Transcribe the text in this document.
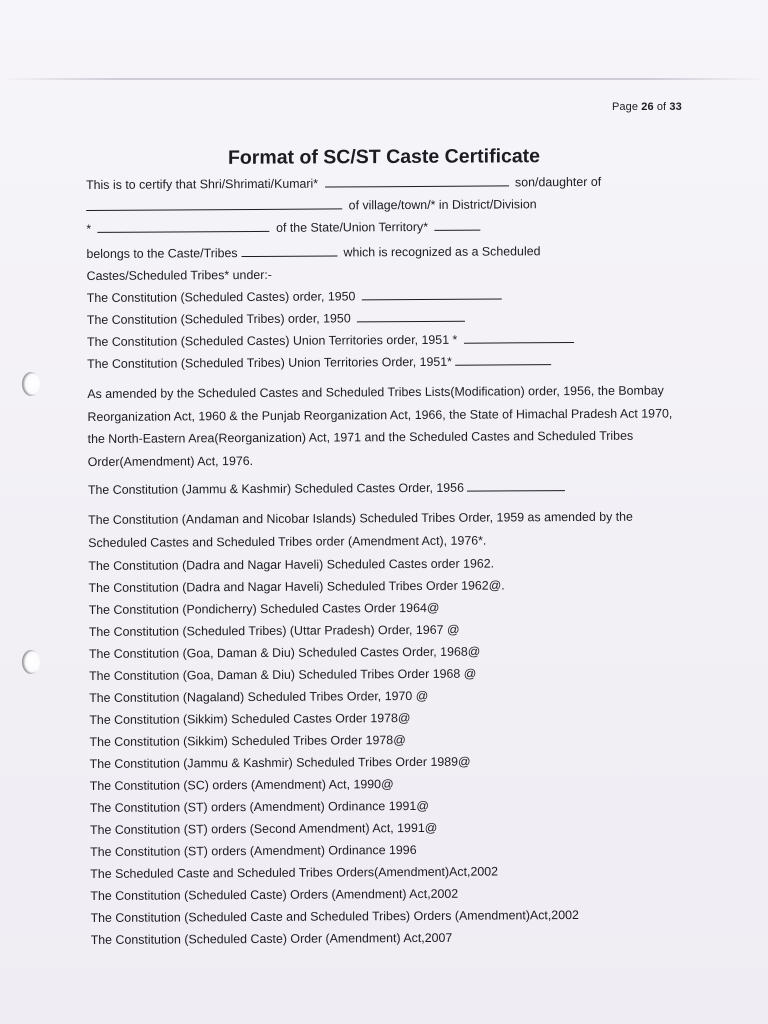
Page 26 of 33
Format of SC/ST Caste Certificate
This is to certify that Shri/Shrimati/Kumari*	son/daughter of
of village/town/* in District/Division
*	of the State/Union Territory*
belongs to the Caste/Tribes	which is recognized as a Scheduled
Castes/Scheduled Tribes* under:-
The Constitution (Scheduled Castes) order, 1950
The Constitution (Scheduled Tribes) order, 1950
The Constitution (Scheduled Castes) Union Territories order, 1951 *
The Constitution (Scheduled Tribes) Union Territories Order, 1951*
As amended by the Scheduled Castes and Scheduled Tribes Lists(Modification) order, 1956, the Bombay Reorganization Act, 1960 & the Punjab Reorganization Act, 1966, the State of Himachal Pradesh Act 1970, the North-Eastern Area(Reorganization) Act, 1971 and the Scheduled Castes and Scheduled Tribes Order(Amendment) Act, 1976.
The Constitution (Jammu & Kashmir) Scheduled Castes Order, 1956
The Constitution (Andaman and Nicobar Islands) Scheduled Tribes Order, 1959 as amended by the Scheduled Castes and Scheduled Tribes order (Amendment Act), 1976*.
The Constitution (Dadra and Nagar Haveli) Scheduled Castes order 1962.
The Constitution (Dadra and Nagar Haveli) Scheduled Tribes Order 1962@.
The Constitution (Pondicherry) Scheduled Castes Order 1964@
The Constitution (Scheduled Tribes) (Uttar Pradesh) Order, 1967 @
The Constitution (Goa, Daman & Diu) Scheduled Castes Order, 1968@
The Constitution (Goa, Daman & Diu) Scheduled Tribes Order 1968 @
The Constitution (Nagaland) Scheduled Tribes Order, 1970 @
The Constitution (Sikkim) Scheduled Castes Order 1978@
The Constitution (Sikkim) Scheduled Tribes Order 1978@
The Constitution (Jammu & Kashmir) Scheduled Tribes Order 1989@
The Constitution (SC) orders (Amendment) Act, 1990@
The Constitution (ST) orders (Amendment) Ordinance 1991@
The Constitution (ST) orders (Second Amendment) Act, 1991@
The Constitution (ST) orders (Amendment) Ordinance 1996
The Scheduled Caste and Scheduled Tribes Orders(Amendment)Act,2002
The Constitution (Scheduled Caste) Orders (Amendment) Act,2002
The Constitution (Scheduled Caste and Scheduled Tribes) Orders (Amendment)Act,2002
The Constitution (Scheduled Caste) Order (Amendment) Act,2007
